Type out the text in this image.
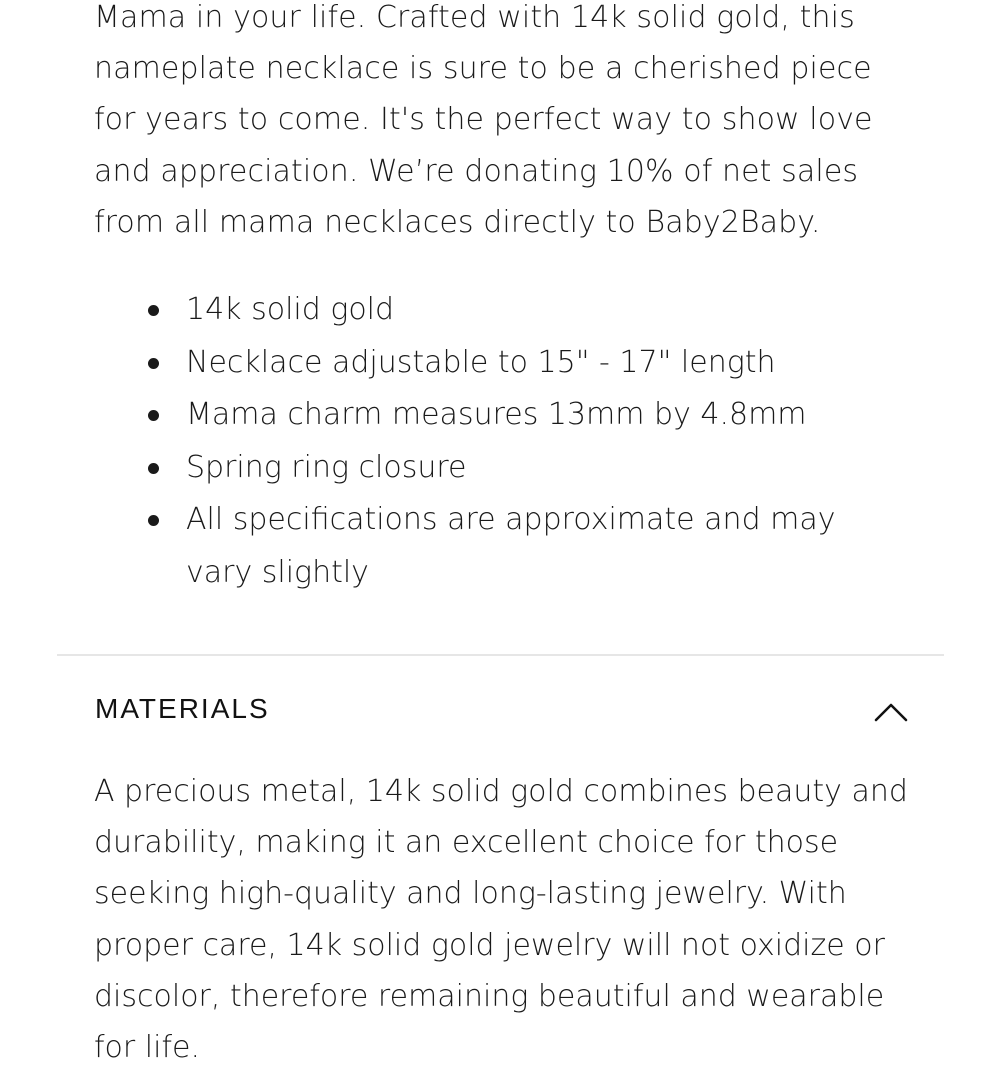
Mama in your life. Crafted with 14k solid gold, this nameplate necklace is sure to be a cherished piece for years to come. It's the perfect way to show love and appreciation. We’re donating 10% of net sales from all mama necklaces directly to Baby2Baby.

14k solid gold
Necklace adjustable to 15" - 17" length
Mama charm measures 13mm by 4.8mm
Spring ring closure
All specifications are approximate and may vary slightly
MATERIALS

A precious metal, 14k solid gold combines beauty and durability, making it an excellent choice for those seeking high-quality and long-lasting jewelry. With proper care, 14k solid gold jewelry will not oxidize or discolor, therefore remaining beautiful and wearable for life.
